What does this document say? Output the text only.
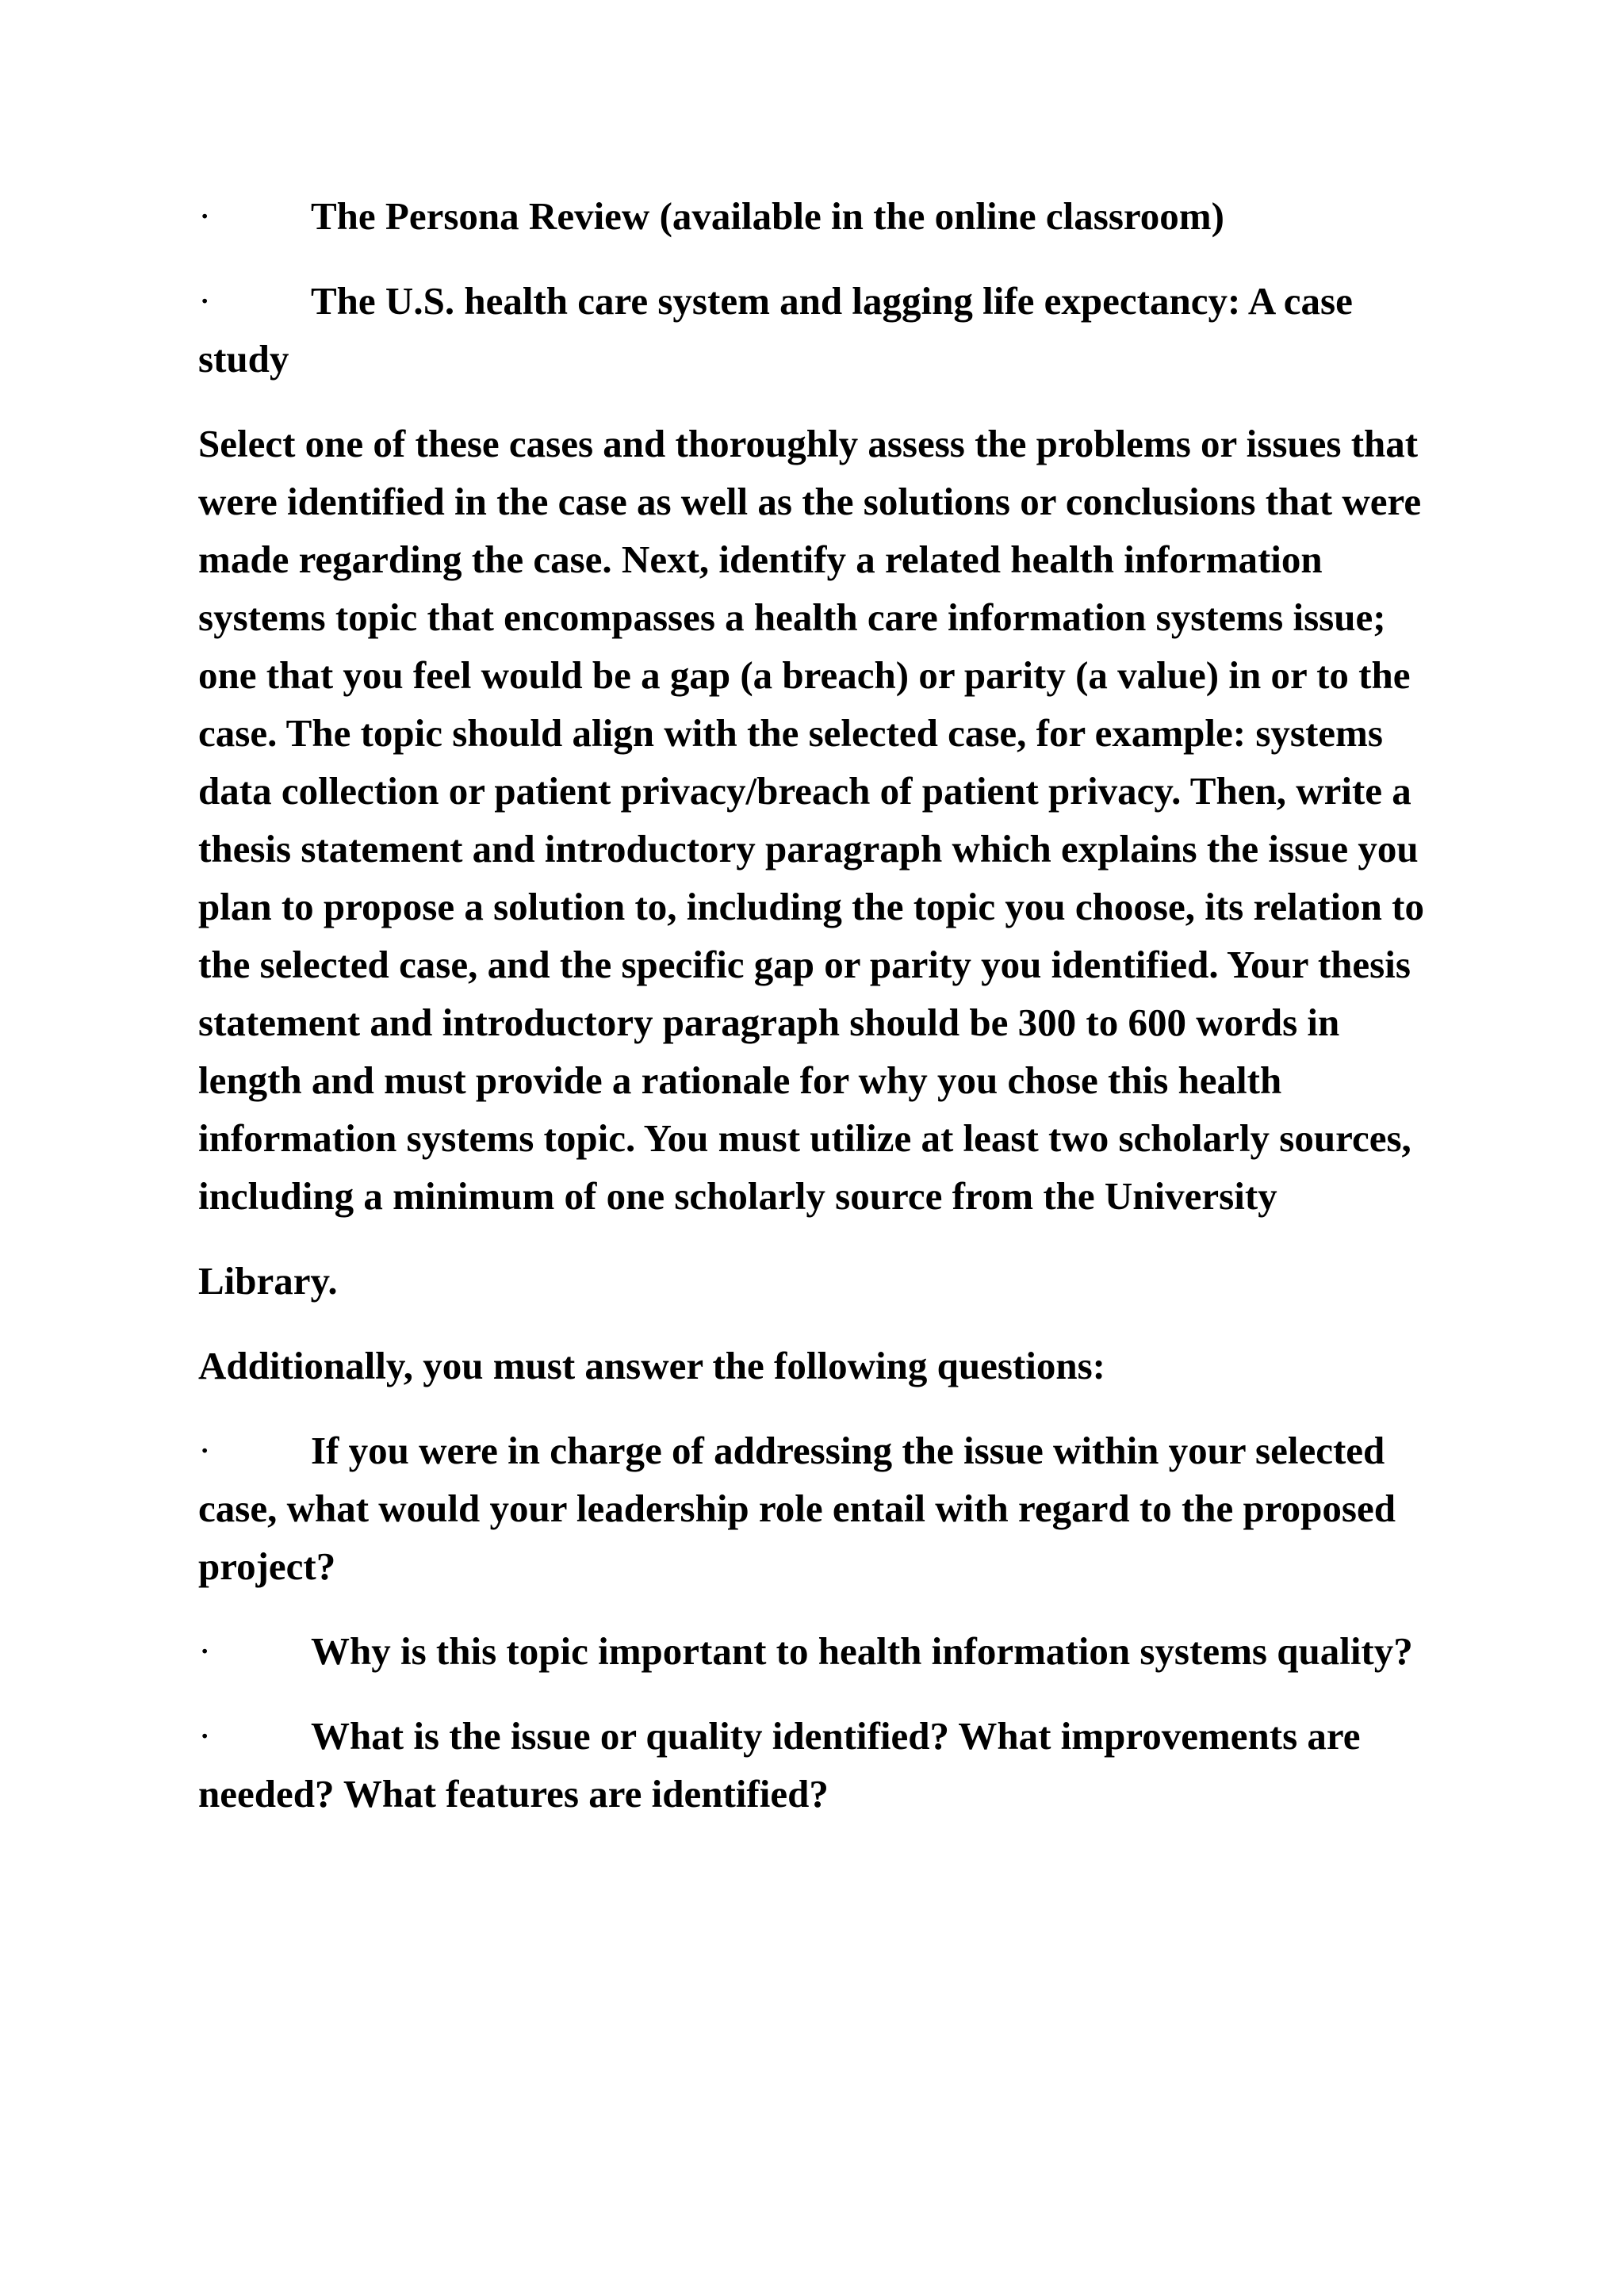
·	The Persona Review (available in the online classroom)

·	The U.S. health care system and lagging life expectancy: A case study

Select one of these cases and thoroughly assess the problems or issues that were identified in the case as well as the solutions or conclusions that were made regarding the case. Next, identify a related health information systems topic that encompasses a health care information systems issue; one that you feel would be a gap (a breach) or parity (a value) in or to the case. The topic should align with the selected case, for example: systems data collection or patient privacy/breach of patient privacy. Then, write a thesis statement and introductory paragraph which explains the issue you plan to propose a solution to, including the topic you choose, its relation to the selected case, and the specific gap or parity you identified. Your thesis statement and introductory paragraph should be 300 to 600 words in length and must provide a rationale for why you chose this health information systems topic. You must utilize at least two scholarly sources, including a minimum of one scholarly source from the University

Library.

Additionally, you must answer the following questions:

·	If you were in charge of addressing the issue within your selected case, what would your leadership role entail with regard to the proposed project?

·	Why is this topic important to health information systems quality?

·	What is the issue or quality identified? What improvements are needed? What features are identified?
